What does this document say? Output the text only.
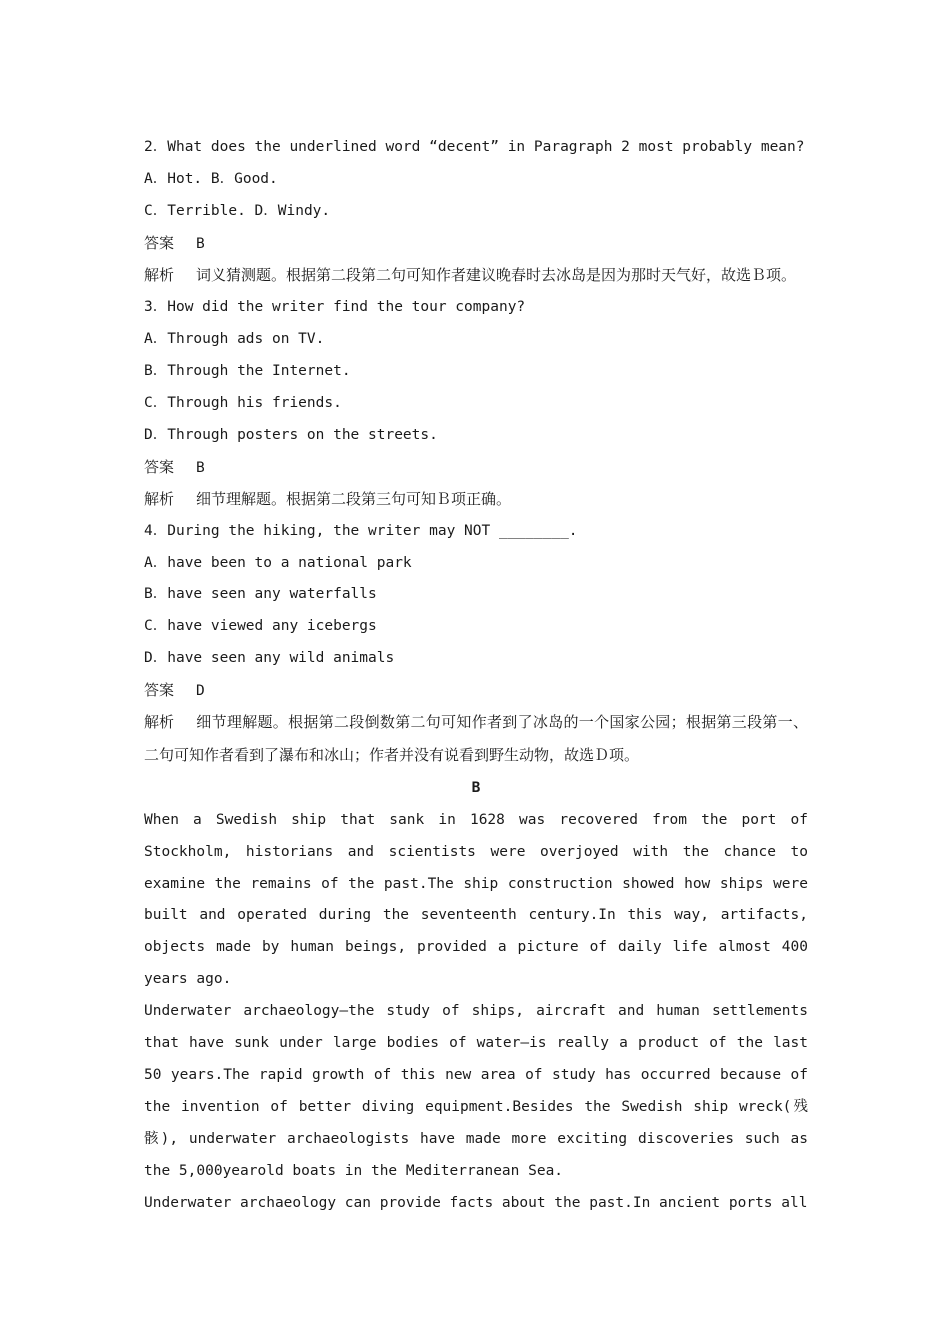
2．What does the underlined word “decent” in Paragraph 2 most probably mean?
A．Hot. B．Good.
C．Terrible. D．Windy.
答案 B
解析 词义猜测题。根据第二段第二句可知作者建议晚春时去冰岛是因为那时天气好，故选Ｂ项。
3．How did the writer find the tour company?
A．Through ads on TV.
B．Through the Internet.
C．Through his friends.
D．Through posters on the streets.
答案 B
解析 细节理解题。根据第二段第三句可知Ｂ项正确。
4．During the hiking, the writer may NOT ________.
A．have been to a national park
B．have seen any waterfalls
C．have viewed any icebergs
D．have seen any wild animals
答案 D
解析 细节理解题。根据第二段倒数第二句可知作者到了冰岛的一个国家公园；根据第三段第一、二句可知作者看到了瀑布和冰山；作者并没有说看到野生动物，故选Ｄ项。
B
When a Swedish ship that sank in 1628 was recovered from the port of Stockholm, historians and scientists were overjoyed with the chance to examine the remains of the past.The ship construction showed how ships were built and operated during the seventeenth century.In this way, artifacts, objects made by human beings, provided a picture of daily life almost 400 years ago.
Underwater archaeology—the study of ships, aircraft and human settlements that have sunk under large bodies of water—is really a product of the last 50 years.The rapid growth of this new area of study has occurred because of the invention of better diving equipment.Besides the Swedish ship wreck(残骸), underwater archaeologists have made more exciting discoveries such as the 5,000yearold boats in the Mediterranean Sea.
Underwater archaeology can provide facts about the past.In ancient ports all
